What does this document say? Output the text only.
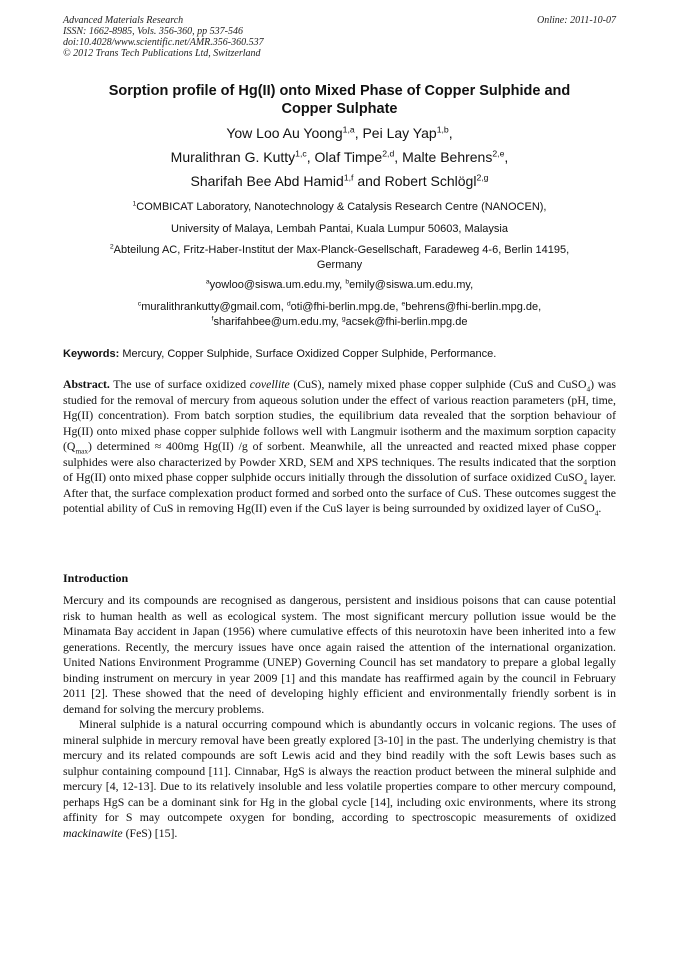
Advanced Materials Research
ISSN: 1662-8985, Vols. 356-360, pp 537-546
doi:10.4028/www.scientific.net/AMR.356-360.537
© 2012 Trans Tech Publications Ltd, Switzerland
Online: 2011-10-07
Sorption profile of Hg(II) onto Mixed Phase of Copper Sulphide and
Copper Sulphate
Yow Loo Au Yoong$^{1,a}$, Pei Lay Yap$^{1,b}$,
Muralithran G. Kutty$^{1,c}$, Olaf Timpe$^{2,d}$, Malte Behrens$^{2,e}$,
Sharifah Bee Abd Hamid$^{1,f}$ and Robert Schlögl$^{2,g}$
$^1$COMBICAT Laboratory, Nanotechnology & Catalysis Research Centre (NANOCEN),
University of Malaya, Lembah Pantai, Kuala Lumpur 50603, Malaysia
$^2$Abteilung AC, Fritz-Haber-Institut der Max-Planck-Gesellschaft, Faradeweg 4-6, Berlin 14195,
Germany
$^a$yowloo@siswa.um.edu.my, $^b$emily@siswa.um.edu.my,
$^c$muralithrankutty@gmail.com, $^d$oti@fhi-berlin.mpg.de, $^e$behrens@fhi-berlin.mpg.de,
$^f$sharifahbee@um.edu.my, $^g$acsek@fhi-berlin.mpg.de
Keywords: Mercury, Copper Sulphide, Surface Oxidized Copper Sulphide, Performance.

Abstract. The use of surface oxidized covellite (CuS), namely mixed phase copper sulphide (CuS and CuSO$_4$) was studied for the removal of mercury from aqueous solution under the effect of various reaction parameters (pH, time, Hg(II) concentration). From batch sorption studies, the equilibrium data revealed that the sorption behaviour of Hg(II) onto mixed phase copper sulphide follows well with Langmuir isotherm and the maximum sorption capacity $(Q_{max})$ determined ≈ 400mg Hg(II) /g of sorbent. Meanwhile, all the unreacted and reacted mixed phase copper sulphides were also characterized by Powder XRD, SEM and XPS techniques. The results indicated that the sorption of Hg(II) onto mixed phase copper sulphide occurs initially through the dissolution of surface oxidized CuSO$_4$ layer. After that, the surface complexation product formed and sorbed onto the surface of CuS. These outcomes suggest the potential ability of CuS in removing Hg(II) even if the CuS layer is being surrounded by oxidized layer of CuSO$_4$.

Introduction

Mercury and its compounds are recognised as dangerous, persistent and insidious poisons that can cause potential risk to human health as well as ecological system. The most significant mercury pollution issue would be the Minamata Bay accident in Japan (1956) where cumulative effects of this neurotoxin have been inherited into a few generations. Recently, the mercury issues have once again raised the attention of the international organization. United Nations Environment Programme (UNEP) Governing Council has set mandatory to prepare a global legally binding instrument on mercury in year 2009 [1] and this mandate has reaffirmed again by the council in February 2011 [2]. These showed that the need of developing highly efficient and environmentally friendly sorbent is in demand for solving the mercury problems.

Mineral sulphide is a natural occurring compound which is abundantly occurs in volcanic regions. The uses of mineral sulphide in mercury removal have been greatly explored [3-10] in the past. The underlying chemistry is that mercury and its related compounds are soft Lewis acid and they bind readily with the soft Lewis bases such as sulphur containing compound [11]. Cinnabar, HgS is always the reaction product between the mineral sulphide and mercury [4, 12-13]. Due to its relatively insoluble and less volatile properties compare to other mercury compound, perhaps HgS can be a dominant sink for Hg in the global cycle [14], including oxic environments, where its strong affinity for S may outcompete oxygen for bonding, according to spectroscopic measurements of oxidized mackinawite (FeS) [15].
